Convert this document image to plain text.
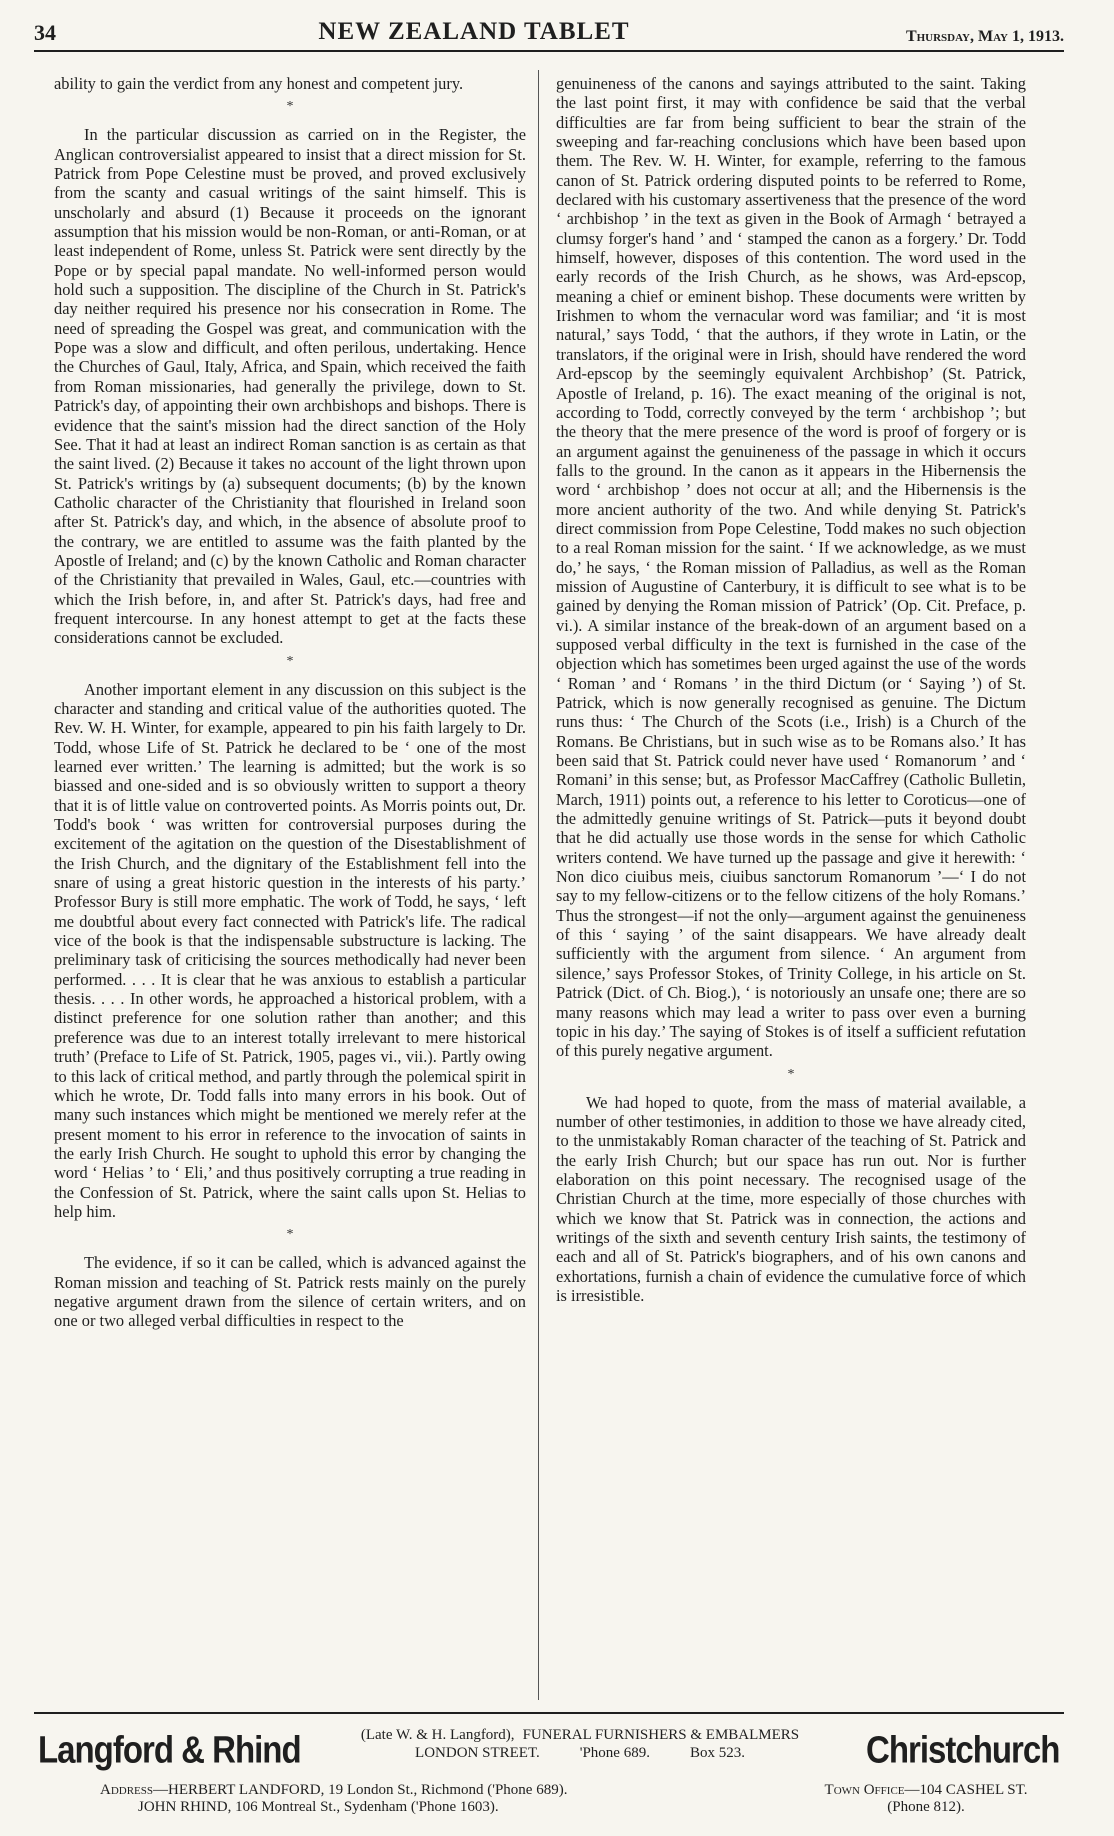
34	NEW ZEALAND TABLET	Thursday, May 1, 1913.

ability to gain the verdict from any honest and competent jury.

*

In the particular discussion as carried on in the Register, the Anglican controversialist appeared to insist that a direct mission for St. Patrick from Pope Celestine must be proved, and proved exclusively from the scanty and casual writings of the saint himself. This is unscholarly and absurd (1) Because it proceeds on the ignorant assumption that his mission would be non-Roman, or anti-Roman, or at least independent of Rome, unless St. Patrick were sent directly by the Pope or by special papal mandate. No well-informed person would hold such a supposition. The discipline of the Church in St. Patrick's day neither required his presence nor his consecration in Rome. The need of spreading the Gospel was great, and communication with the Pope was a slow and difficult, and often perilous, undertaking. Hence the Churches of Gaul, Italy, Africa, and Spain, which received the faith from Roman missionaries, had generally the privilege, down to St. Patrick's day, of appointing their own archbishops and bishops. There is evidence that the saint's mission had the direct sanction of the Holy See. That it had at least an indirect Roman sanction is as certain as that the saint lived. (2) Because it takes no account of the light thrown upon St. Patrick's writings by (a) subsequent documents; (b) by the known Catholic character of the Christianity that flourished in Ireland soon after St. Patrick's day, and which, in the absence of absolute proof to the contrary, we are entitled to assume was the faith planted by the Apostle of Ireland; and (c) by the known Catholic and Roman character of the Christianity that prevailed in Wales, Gaul, etc.—countries with which the Irish before, in, and after St. Patrick's days, had free and frequent intercourse. In any honest attempt to get at the facts these considerations cannot be excluded.

*

Another important element in any discussion on this subject is the character and standing and critical value of the authorities quoted. The Rev. W. H. Winter, for example, appeared to pin his faith largely to Dr. Todd, whose Life of St. Patrick he declared to be ‘ one of the most learned ever written.’ The learning is admitted; but the work is so biassed and one-sided and is so obviously written to support a theory that it is of little value on controverted points. As Morris points out, Dr. Todd's book ‘ was written for controversial purposes during the excitement of the agitation on the question of the Disestablishment of the Irish Church, and the dignitary of the Establishment fell into the snare of using a great historic question in the interests of his party.’ Professor Bury is still more emphatic. The work of Todd, he says, ‘ left me doubtful about every fact connected with Patrick's life. The radical vice of the book is that the indispensable substructure is lacking. The preliminary task of criticising the sources methodically had never been performed. . . . It is clear that he was anxious to establish a particular thesis. . . . In other words, he approached a historical problem, with a distinct preference for one solution rather than another; and this preference was due to an interest totally irrelevant to mere historical truth’ (Preface to Life of St. Patrick, 1905, pages vi., vii.). Partly owing to this lack of critical method, and partly through the polemical spirit in which he wrote, Dr. Todd falls into many errors in his book. Out of many such instances which might be mentioned we merely refer at the present moment to his error in reference to the invocation of saints in the early Irish Church. He sought to uphold this error by changing the word ‘ Helias ’ to ‘ Eli,’ and thus positively corrupting a true reading in the Confession of St. Patrick, where the saint calls upon St. Helias to help him.

*

The evidence, if so it can be called, which is advanced against the Roman mission and teaching of St. Patrick rests mainly on the purely negative argument drawn from the silence of certain writers, and on one or two alleged verbal difficulties in respect to the

genuineness of the canons and sayings attributed to the saint. Taking the last point first, it may with confidence be said that the verbal difficulties are far from being sufficient to bear the strain of the sweeping and far-reaching conclusions which have been based upon them. The Rev. W. H. Winter, for example, referring to the famous canon of St. Patrick ordering disputed points to be referred to Rome, declared with his customary assertiveness that the presence of the word ‘ archbishop ’ in the text as given in the Book of Armagh ‘ betrayed a clumsy forger's hand ’ and ‘ stamped the canon as a forgery.’ Dr. Todd himself, however, disposes of this contention. The word used in the early records of the Irish Church, as he shows, was Ard-epscop, meaning a chief or eminent bishop. These documents were written by Irishmen to whom the vernacular word was familiar; and ‘it is most natural,’ says Todd, ‘ that the authors, if they wrote in Latin, or the translators, if the original were in Irish, should have rendered the word Ard-epscop by the seemingly equivalent Archbishop’ (St. Patrick, Apostle of Ireland, p. 16). The exact meaning of the original is not, according to Todd, correctly conveyed by the term ‘ archbishop ’; but the theory that the mere presence of the word is proof of forgery or is an argument against the genuineness of the passage in which it occurs falls to the ground. In the canon as it appears in the Hibernensis the word ‘ archbishop ’ does not occur at all; and the Hibernensis is the more ancient authority of the two. And while denying St. Patrick's direct commission from Pope Celestine, Todd makes no such objection to a real Roman mission for the saint. ‘ If we acknowledge, as we must do,’ he says, ‘ the Roman mission of Palladius, as well as the Roman mission of Augustine of Canterbury, it is difficult to see what is to be gained by denying the Roman mission of Patrick’ (Op. Cit. Preface, p. vi.). A similar instance of the break-down of an argument based on a supposed verbal difficulty in the text is furnished in the case of the objection which has sometimes been urged against the use of the words ‘ Roman ’ and ‘ Romans ’ in the third Dictum (or ‘ Saying ’) of St. Patrick, which is now generally recognised as genuine. The Dictum runs thus: ‘ The Church of the Scots (i.e., Irish) is a Church of the Romans. Be Christians, but in such wise as to be Romans also.’ It has been said that St. Patrick could never have used ‘ Romanorum ’ and ‘ Romani’ in this sense; but, as Professor MacCaffrey (Catholic Bulletin, March, 1911) points out, a reference to his letter to Coroticus—one of the admittedly genuine writings of St. Patrick—puts it beyond doubt that he did actually use those words in the sense for which Catholic writers contend. We have turned up the passage and give it herewith: ‘ Non dico ciuibus meis, ciuibus sanctorum Romanorum ’—‘ I do not say to my fellow-citizens or to the fellow citizens of the holy Romans.’ Thus the strongest—if not the only—argument against the genuineness of this ‘ saying ’ of the saint disappears. We have already dealt sufficiently with the argument from silence. ‘ An argument from silence,’ says Professor Stokes, of Trinity College, in his article on St. Patrick (Dict. of Ch. Biog.), ‘ is notoriously an unsafe one; there are so many reasons which may lead a writer to pass over even a burning topic in his day.’ The saying of Stokes is of itself a sufficient refutation of this purely negative argument.

*

We had hoped to quote, from the mass of material available, a number of other testimonies, in addition to those we have already cited, to the unmistakably Roman character of the teaching of St. Patrick and the early Irish Church; but our space has run out. Nor is further elaboration on this point necessary. The recognised usage of the Christian Church at the time, more especially of those churches with which we know that St. Patrick was in connection, the actions and writings of the sixth and seventh century Irish saints, the testimony of each and all of St. Patrick's biographers, and of his own canons and exhortations, furnish a chain of evidence the cumulative force of which is irresistible.

Langford & Rhind	(Late W. & H. Langford), FUNERAL FURNISHERS & EMBALMERS
LONDON STREET.	'Phone 689.	Box 523.	Christchurch
Address—HERBERT LANDFORD, 19 London St., Richmond ('Phone 689).
JOHN RHIND, 106 Montreal St., Sydenham ('Phone 1603).
Town Office—104 CASHEL ST.
(Phone 812).
